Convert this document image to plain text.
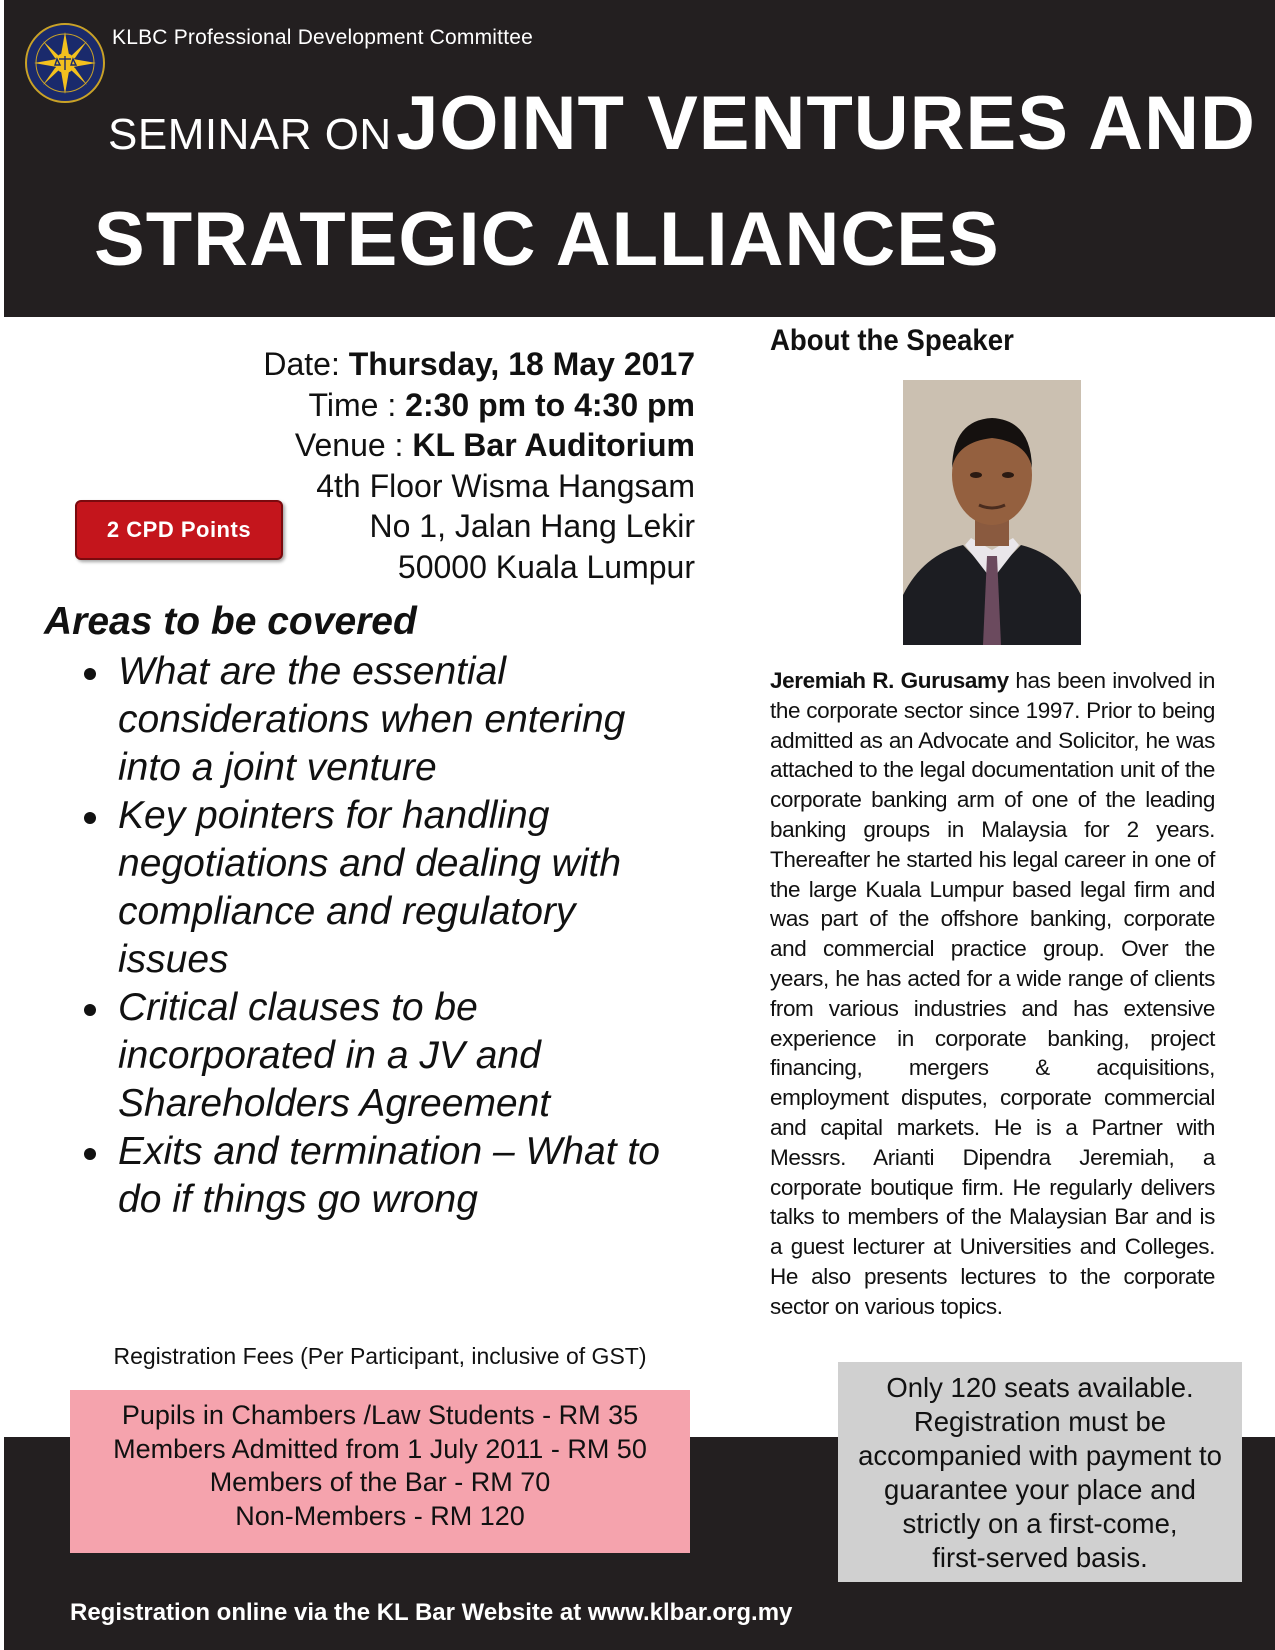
KLBC Professional Development Committee
SEMINAR ON JOINT VENTURES AND
STRATEGIC ALLIANCES
Date: Thursday, 18 May 2017
Time : 2:30 pm to 4:30 pm
Venue : KL Bar Auditorium
4th Floor Wisma Hangsam
No 1, Jalan Hang Lekir
50000 Kuala Lumpur
2 CPD Points
Areas to be covered
What are the essential
considerations when entering
into a joint venture
Key pointers for handling
negotiations and dealing with
compliance and regulatory
issues
Critical clauses to be
incorporated in a JV and
Shareholders Agreement
Exits and termination – What to
do if things go wrong
About the Speaker
Jeremiah R. Gurusamy has been involved in the corporate sector since 1997. Prior to being admitted as an Advocate and Solicitor, he was attached to the legal documentation unit of the corporate banking arm of one of the leading banking groups in Malaysia for 2 years. Thereafter he started his legal career in one of the large Kuala Lumpur based legal firm and was part of the offshore banking, corporate and commercial practice group. Over the years, he has acted for a wide range of clients from various industries and has extensive experience in corporate banking, project financing, mergers & acquisitions, employment disputes, corporate commercial and capital markets. He is a Partner with Messrs. Arianti Dipendra Jeremiah, a corporate boutique firm. He regularly delivers talks to members of the Malaysian Bar and is a guest lecturer at Universities and Colleges. He also presents lectures to the corporate sector on various topics.
Registration Fees (Per Participant, inclusive of GST)
Pupils in Chambers /Law Students - RM 35
Members Admitted from 1 July 2011 - RM 50
Members of the Bar - RM 70
Non-Members - RM 120
Only 120 seats available.
Registration must be
accompanied with payment to
guarantee your place and
strictly on a first-come,
first-served basis.
Registration online via the KL Bar Website at www.klbar.org.my
